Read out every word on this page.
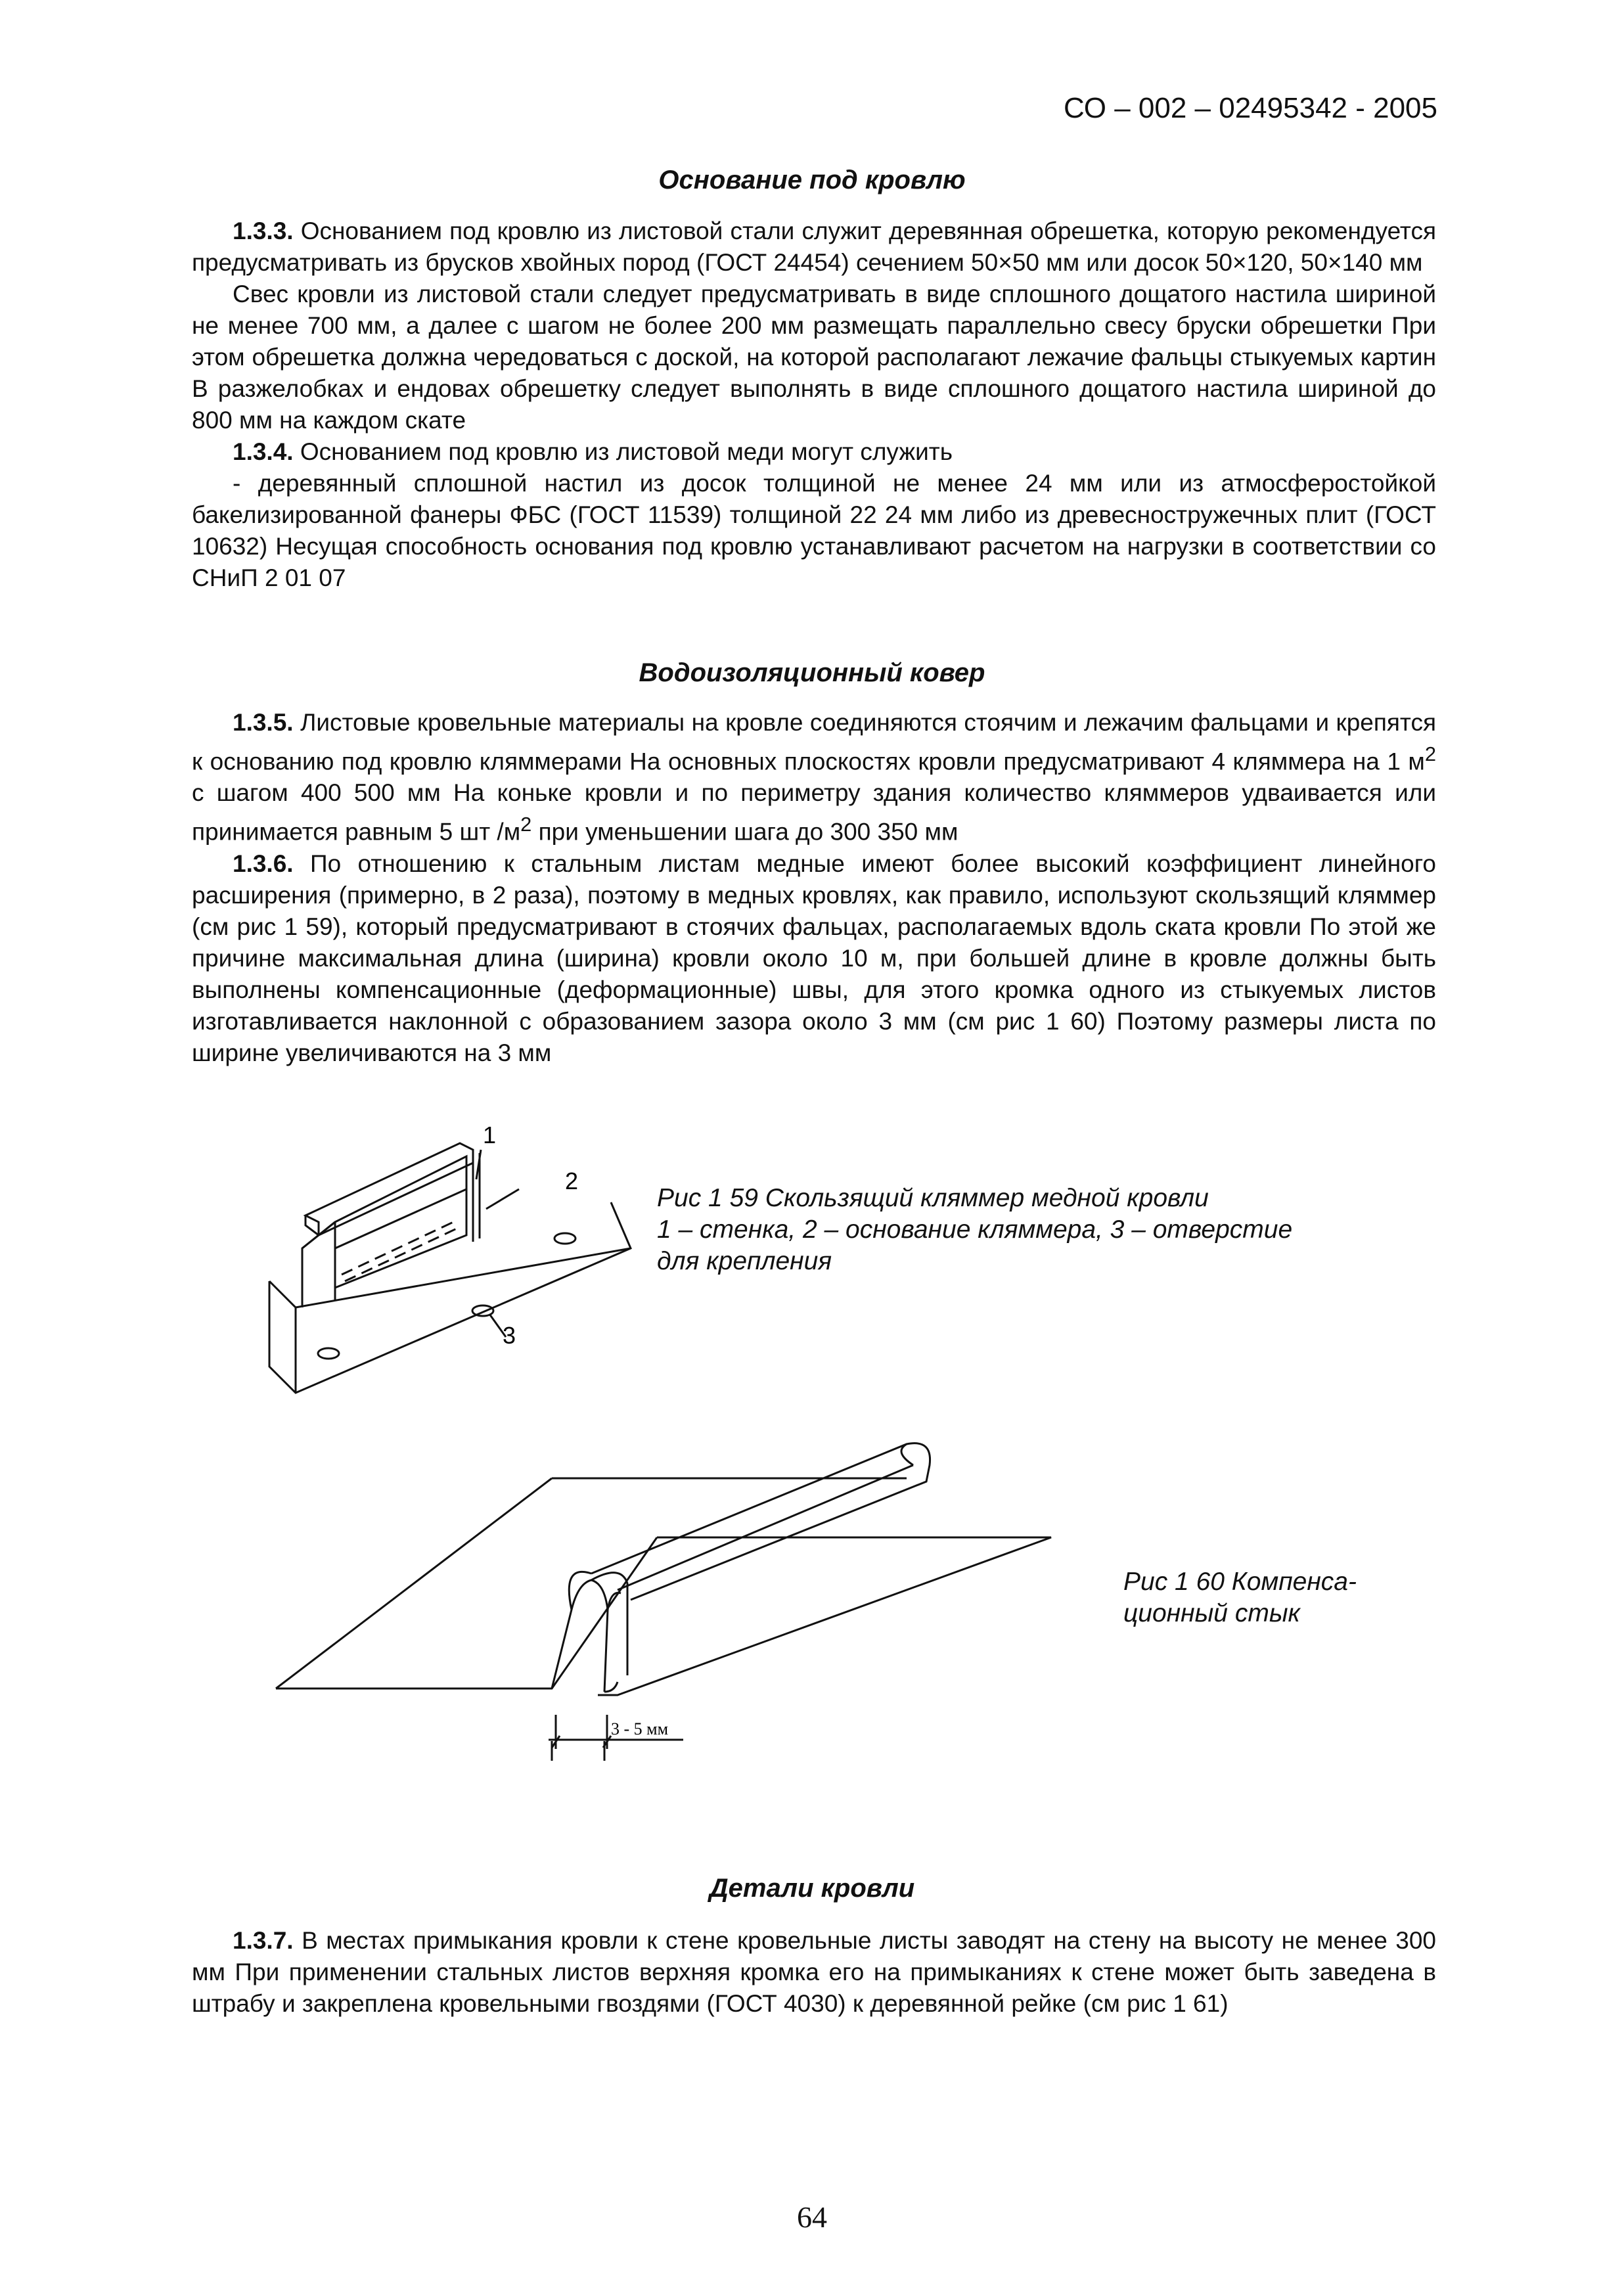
СО – 002 – 02495342 - 2005
Основание под кровлю

1.3.3. Основанием под кровлю из листовой стали служит деревянная обрешетка, которую рекомендуется предусматривать из брусков хвойных пород (ГОСТ 24454) сечением 50×50 мм или досок 50×120, 50×140 мм

Свес кровли из листовой стали следует предусматривать в виде сплошного дощатого настила шириной не менее 700 мм, а далее с шагом не более 200 мм размещать параллельно свесу бруски обрешетки При этом обрешетка должна чередоваться с доской, на которой располагают лежачие фальцы стыкуемых картин В разжелобках и ендовах обрешетку следует выполнять в виде сплошного дощатого настила шириной до 800 мм на каждом скате

1.3.4. Основанием под кровлю из листовой меди могут служить

- деревянный сплошной настил из досок толщиной не менее 24 мм или из атмосферостойкой бакелизированной фанеры ФБС (ГОСТ 11539) толщиной 22 24 мм либо из древесностружечных плит (ГОСТ 10632) Несущая способность основания под кровлю устанавливают расчетом на нагрузки в соответствии со СНиП 2 01 07

Водоизоляционный ковер

1.3.5. Листовые кровельные материалы на кровле соединяются стоячим и лежачим фальцами и крепятся к основанию под кровлю кляммерами На основных плоскостях кровли предусматривают 4 кляммера на 1 $м^2$ с шагом 400 500 мм На коньке кровли и по периметру здания количество кляммеров удваивается или принимается равным 5 шт $/м^2$ при уменьшении шага до 300 350 мм

1.3.6. По отношению к стальным листам медные имеют более высокий коэффициент линейного расширения (примерно, в 2 раза), поэтому в медных кровлях, как правило, используют скользящий кляммер (см рис 1 59), который предусматривают в стоячих фальцах, располагаемых вдоль ската кровли По этой же причине максимальная длина (ширина) кровли около 10 м, при большей длине в кровле должны быть выполнены компенсационные (деформационные) швы, для этого кромка одного из стыкуемых листов изготавливается наклонной с образованием зазора около 3 мм (см рис 1 60) Поэтому размеры листа по ширине увеличиваются на 3 мм

1
2
3
Рис 1 59 Скользящий кляммер медной кровли
1 – стенка, 2 – основание кляммера, 3 – отверстие
для крепления
3 - 5 мм
Рис 1 60 Компенса-
ционный стык
Детали кровли

1.3.7. В местах примыкания кровли к стене кровельные листы заводят на стену на высоту не менее 300 мм При применении стальных листов верхняя кромка его на примыканиях к стене может быть заведена в штрабу и закреплена кровельными гвоздями (ГОСТ 4030) к деревянной рейке (см рис 1 61)

64
